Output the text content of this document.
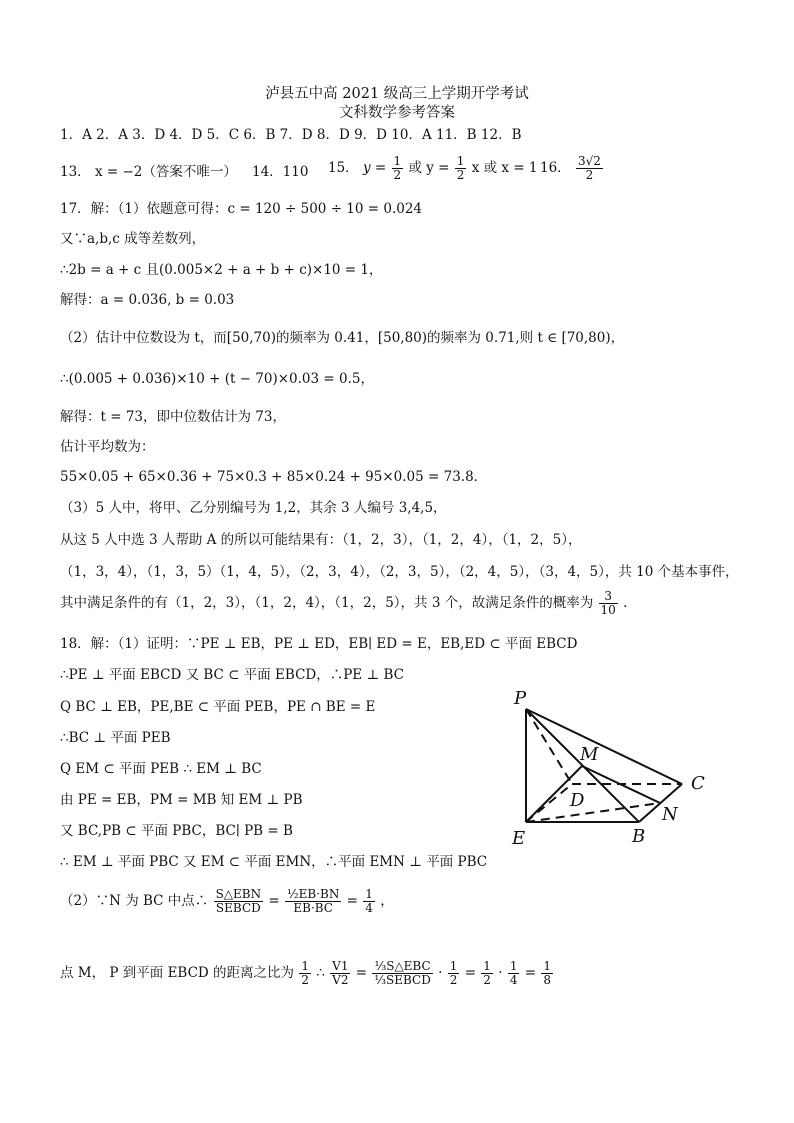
泸县五中高 2021 级高三上学期开学考试
文科数学参考答案
1．A 2．A 3．D 4．D 5．C 6．B 7．D 8．D 9．D 10．A 11．B 12．B
13． x = −2（答案不唯一） 14．110 15． $y = \frac{1}{2}$ 或 $y = \frac{1}{2}$ x 或 x = 1 16． $\frac{3√2}{2}$
17．解：（1）依题意可得：c = 120 ÷ 500 ÷ 10 = 0.024
又∵a,b,c 成等差数列，
∴2b = a + c 且(0.005×2 + a + b + c)×10 = 1，
解得：a = 0.036, b = 0.03
（2）估计中位数设为 t，而[50,70)的频率为 0.41，[50,80)的频率为 0.71,则 t ∈ [70,80)，
∴(0.005 + 0.036)×10 + (t − 70)×0.03 = 0.5，
解得：t = 73，即中位数估计为 73，
估计平均数为：
55×0.05 + 65×0.36 + 75×0.3 + 85×0.24 + 95×0.05 = 73.8．
（3）5 人中，将甲、乙分别编号为 1,2，其余 3 人编号 3,4,5，
从这 5 人中选 3 人帮助 A 的所以可能结果有：（1，2，3），（1，2，4），（1，2，5），
（1，3，4），（1，3，5）（1，4，5），（2，3，4），（2，3，5），（2，4，5），（3，4，5），共 10 个基本事件，
其中满足条件的有（1，2，3），（1，2，4），（1，2，5），共 3 个，故满足条件的概率为 $\frac{3}{10}$ .
18．解：（1）证明：∵PE ⊥ EB，PE ⊥ ED，EB∣ ED = E，EB,ED ⊂ 平面 EBCD
∴PE ⊥ 平面 EBCD 又 BC ⊂ 平面 EBCD，∴PE ⊥ BC
Q BC ⊥ EB，PE,BE ⊂ 平面 PEB，PE ∩ BE = E
∴BC ⊥ 平面 PEB
Q EM ⊂ 平面 PEB ∴ EM ⊥ BC
由 PE = EB，PM = MB 知 EM ⊥ PB
又 BC,PB ⊂ 平面 PBC，BC∣ PB = B
∴ EM ⊥ 平面 PBC 又 EM ⊂ 平面 EMN，∴平面 EMN ⊥ 平面 PBC
（2）∵N 为 BC 中点∴ $\frac{\text{S△EBN}}{\text{SEBCD}} = \frac{\text{½EB·BN}}{EB\cdot BC} = \frac{1}{4}$ ，
点 M， P 到平面 EBCD 的距离之比为 $\frac{1}{2}$ ∴ $\frac{V1}{V2} = \frac{\text{⅓S△EBC}}{\text{⅓SEBCD}} \cdot \frac{1}{2} = \frac{1}{2} \cdot \frac{1}{4} = \frac{1}{8}$
P
M
C
D
N
E	B
